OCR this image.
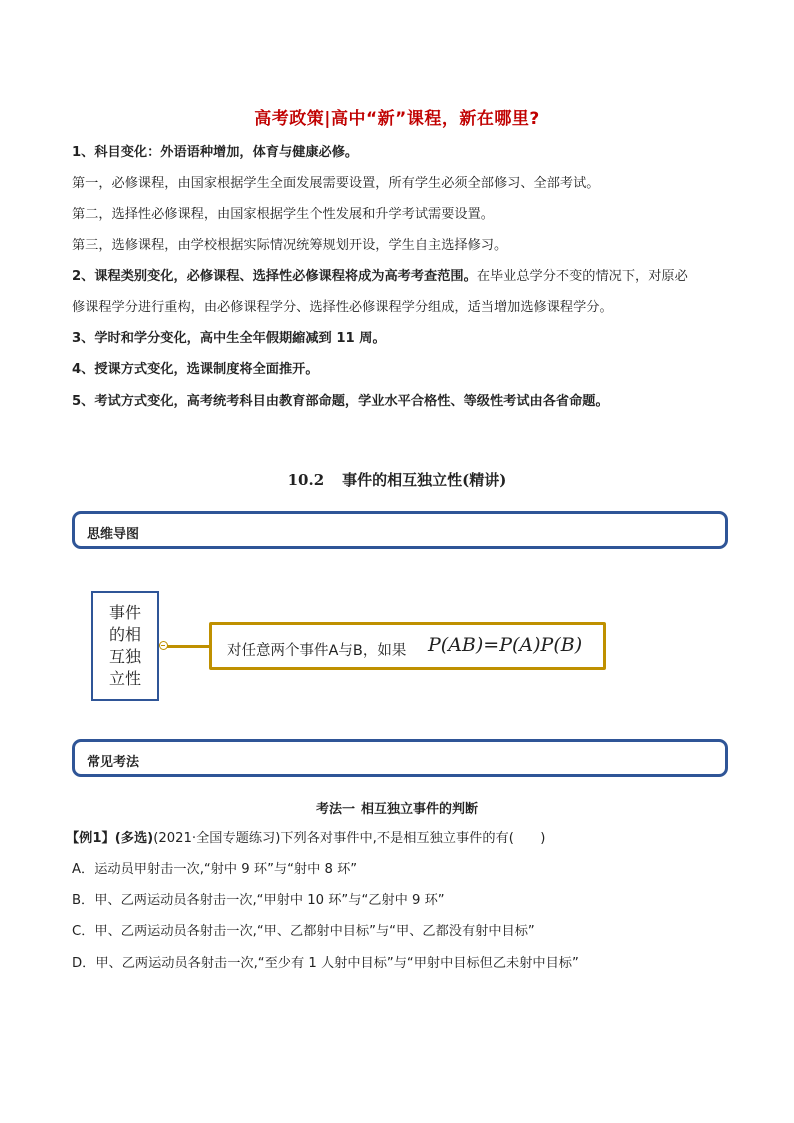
高考政策|高中“新”课程，新在哪里?
1、科目变化：外语语种增加，体育与健康必修。
第一，必修课程，由国家根据学生全面发展需要设置，所有学生必须全部修习、全部考试。
第二，选择性必修课程，由国家根据学生个性发展和升学考试需要设置。
第三，选修课程，由学校根据实际情况统筹规划开设，学生自主选择修习。
2、课程类别变化，必修课程、选择性必修课程将成为高考考查范围。在毕业总学分不变的情况下，对原必
修课程学分进行重构，由必修课程学分、选择性必修课程学分组成，适当增加选修课程学分。
3、学时和学分变化，高中生全年假期縮减到 11 周。
4、授课方式变化，选课制度将全面推开。
5、考试方式变化，高考统考科目由教育部命题，学业水平合格性、等级性考试由各省命题。
10.2 事件的相互独立性(精讲)
思维导图
事件的相互独立性
对任意两个事件A与B，如果 P(AB)=P(A)P(B)
常见考法
考法一 相互独立事件的判断
【例1】(多选)(2021·全国专题练习)下列各对事件中,不是相互独立事件的有(　　)
A．运动员甲射击一次,“射中 9 环”与“射中 8 环”
B．甲、乙两运动员各射击一次,“甲射中 10 环”与“乙射中 9 环”
C．甲、乙两运动员各射击一次,“甲、乙都射中目标”与“甲、乙都没有射中目标”
D．甲、乙两运动员各射击一次,“至少有 1 人射中目标”与“甲射中目标但乙未射中目标”
